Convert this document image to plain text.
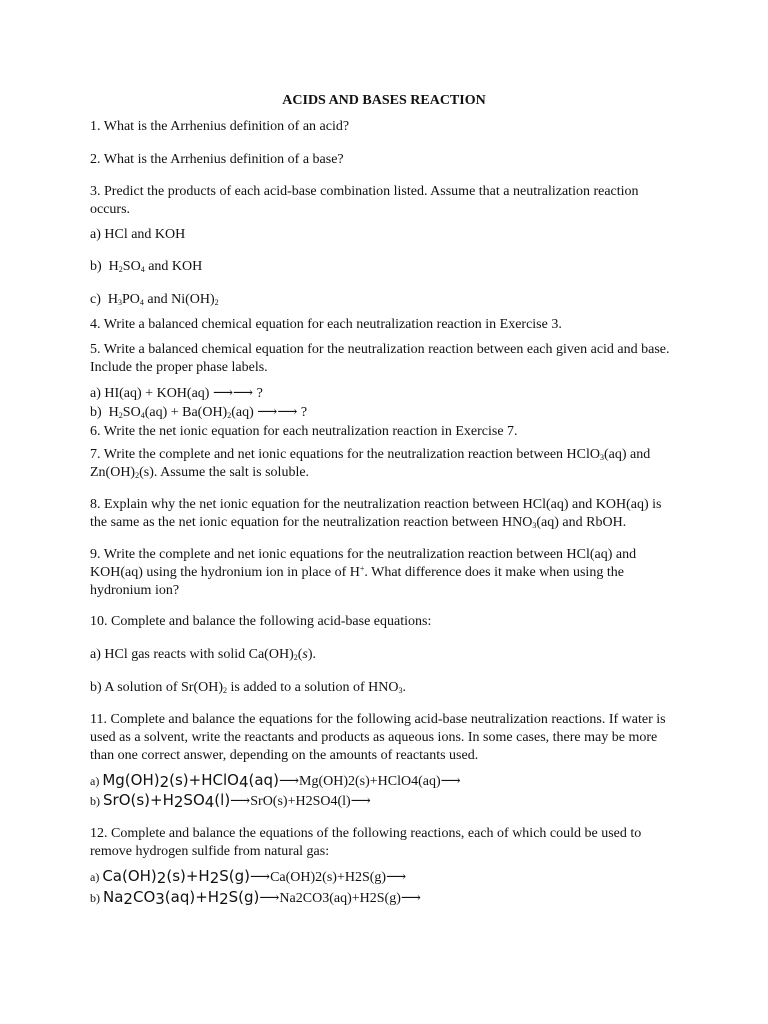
ACIDS AND BASES REACTION
1. What is the Arrhenius definition of an acid?
2. What is the Arrhenius definition of a base?
3. Predict the products of each acid-base combination listed. Assume that a neutralization reaction occurs.
a) HCl and KOH
b)  $H_2SO_4$ and KOH
c)  $H_3PO_4$ and $Ni(OH)_2$
4. Write a balanced chemical equation for each neutralization reaction in Exercise 3.
5. Write a balanced chemical equation for the neutralization reaction between each given acid and base. Include the proper phase labels.
a) HI(aq) + KOH(aq) ⟶⟶ ?
b)  $H_2SO_4(aq) + Ba(OH)_2(aq)$ ⟶⟶ ?
6. Write the net ionic equation for each neutralization reaction in Exercise 7.
7. Write the complete and net ionic equations for the neutralization reaction between HClO$_3$(aq) and $Zn(OH)_2(s)$. Assume the salt is soluble.
8. Explain why the net ionic equation for the neutralization reaction between HCl(aq) and KOH(aq) is the same as the net ionic equation for the neutralization reaction between $HNO_3(aq)$ and RbOH.
9. Write the complete and net ionic equations for the neutralization reaction between HCl(aq) and KOH(aq) using the hydronium ion in place of H+. What difference does it make when using the hydronium ion?
10. Complete and balance the following acid-base equations:
a) HCl gas reacts with solid $Ca(OH)_2(s)$.
b) A solution of $Sr(OH)_2$ is added to a solution of $HNO_3$.
11. Complete and balance the equations for the following acid-base neutralization reactions. If water is used as a solvent, write the reactants and products as aqueous ions. In some cases, there may be more than one correct answer, depending on the amounts of reactants used.
a) $Mg(OH)_2(s)+HClO_4(aq)⟶Mg(OH)2(s)+HClO4(aq)⟶$
b) $SrO(s)+H_2SO_4(l)⟶SrO(s)+H2SO4(l)⟶$
12. Complete and balance the equations of the following reactions, each of which could be used to remove hydrogen sulfide from natural gas:
a) $Ca(OH)_2(s)+H_2S(g)⟶Ca(OH)2(s)+H2S(g)⟶$
b) $Na_2CO_3(aq)+H_2S(g)⟶Na2CO3(aq)+H2S(g)⟶$
